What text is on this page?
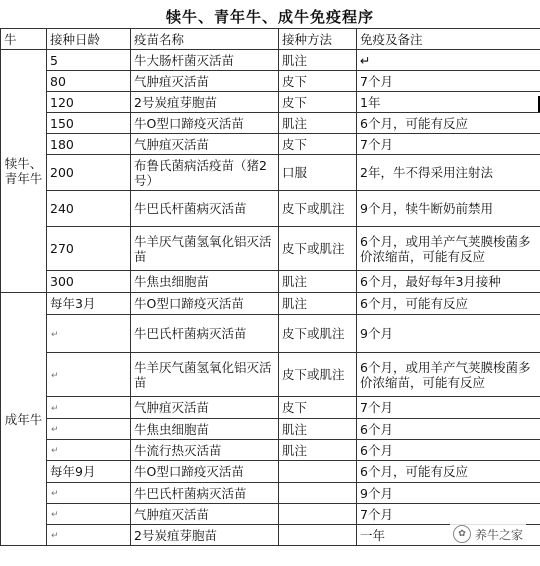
犊牛、青年牛、成牛免疫程序
牛	接种日龄	疫苗名称	接种方法	免疫及备注
犊牛、青年牛	5	牛大肠杆菌灭活苗	肌注	↵
	80	气肿疽灭活苗	皮下	7个月
	120	2号炭疽芽胞苗	皮下	1年
	150	牛O型口蹄疫灭活苗	肌注	6个月，可能有反应
	180	气肿疽灭活苗	皮下	7个月
	200	布鲁氏菌病活疫苗（猪2号）	口服	2年，牛不得采用注射法
	240	牛巴氏杆菌病灭活苗	皮下或肌注	9个月，犊牛断奶前禁用
	270	牛羊厌气菌氢氧化铝灭活苗	皮下或肌注	6个月，或用羊产气荚膜梭菌多价浓缩苗，可能有反应
	300	牛焦虫细胞苗	肌注	6个月，最好每年3月接种
成年牛	每年3月	牛O型口蹄疫灭活苗	肌注	6个月，可能有反应
	↵	牛巴氏杆菌病灭活苗	皮下或肌注	9个月
	↵	牛羊厌气菌氢氧化铝灭活苗	皮下或肌注	6个月，或用羊产气荚膜梭菌多价浓缩苗，可能有反应
	↵	气肿疽灭活苗	皮下	7个月
	↵	牛焦虫细胞苗	肌注	6个月
	↵	牛流行热灭活苗	肌注	6个月
	每年9月	牛O型口蹄疫灭活苗		6个月，可能有反应
	↵	牛巴氏杆菌病灭活苗		9个月
	↵	气肿疽灭活苗		7个月
	↵	2号炭疽芽胞苗		一年	✿ 养牛之家
